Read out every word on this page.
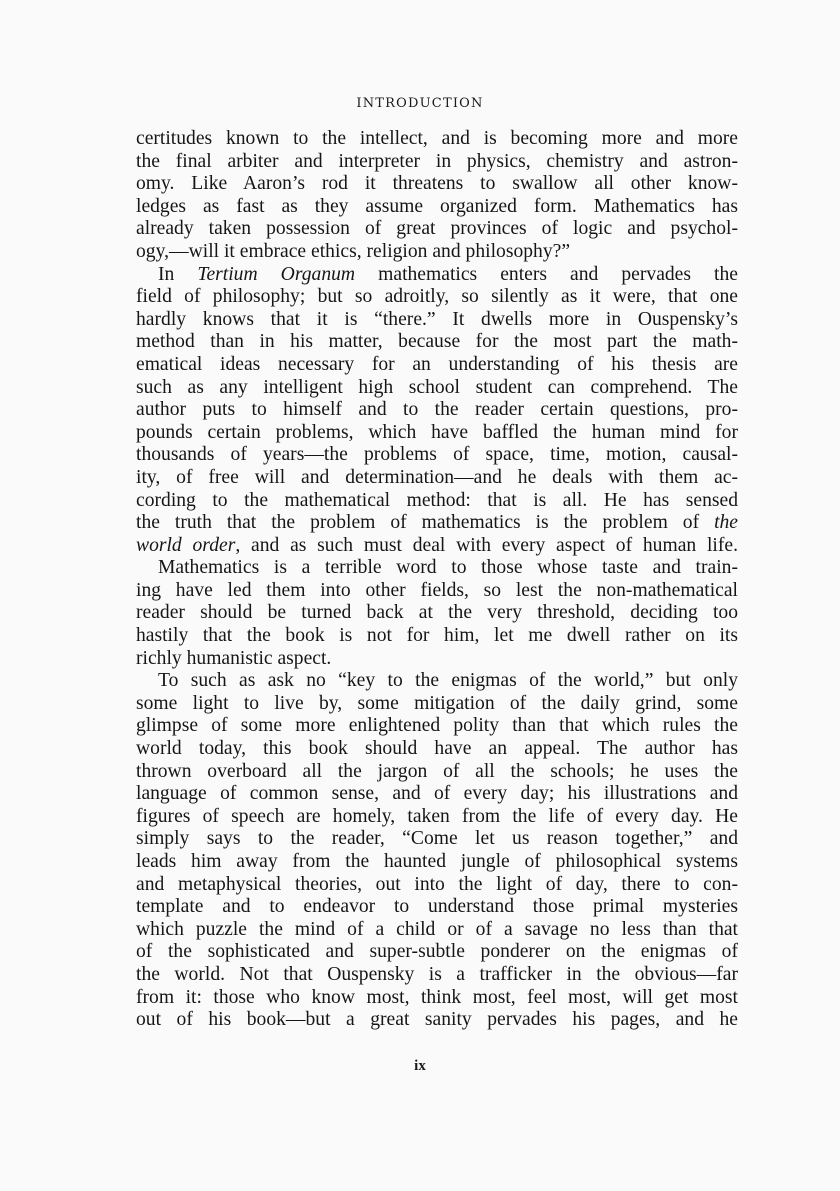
INTRODUCTION
certitudes known to the intellect, and is becoming more and more
the final arbiter and interpreter in physics, chemistry and astron-
omy. Like Aaron’s rod it threatens to swallow all other know-
ledges as fast as they assume organized form. Mathematics has
already taken possession of great provinces of logic and psychol-
ogy,—will it embrace ethics, religion and philosophy?”
In Tertium Organum mathematics enters and pervades the
field of philosophy; but so adroitly, so silently as it were, that one
hardly knows that it is “there.” It dwells more in Ouspensky’s
method than in his matter, because for the most part the math-
ematical ideas necessary for an understanding of his thesis are
such as any intelligent high school student can comprehend. The
author puts to himself and to the reader certain questions, pro-
pounds certain problems, which have baffled the human mind for
thousands of years—the problems of space, time, motion, causal-
ity, of free will and determination—and he deals with them ac-
cording to the mathematical method: that is all. He has sensed
the truth that the problem of mathematics is the problem of the
world order, and as such must deal with every aspect of human life.
Mathematics is a terrible word to those whose taste and train-
ing have led them into other fields, so lest the non-mathematical
reader should be turned back at the very threshold, deciding too
hastily that the book is not for him, let me dwell rather on its
richly humanistic aspect.
To such as ask no “key to the enigmas of the world,” but only
some light to live by, some mitigation of the daily grind, some
glimpse of some more enlightened polity than that which rules the
world today, this book should have an appeal. The author has
thrown overboard all the jargon of all the schools; he uses the
language of common sense, and of every day; his illustrations and
figures of speech are homely, taken from the life of every day. He
simply says to the reader, “Come let us reason together,” and
leads him away from the haunted jungle of philosophical systems
and metaphysical theories, out into the light of day, there to con-
template and to endeavor to understand those primal mysteries
which puzzle the mind of a child or of a savage no less than that
of the sophisticated and super-subtle ponderer on the enigmas of
the world. Not that Ouspensky is a trafficker in the obvious—far
from it: those who know most, think most, feel most, will get most
out of his book—but a great sanity pervades his pages, and he
ix
